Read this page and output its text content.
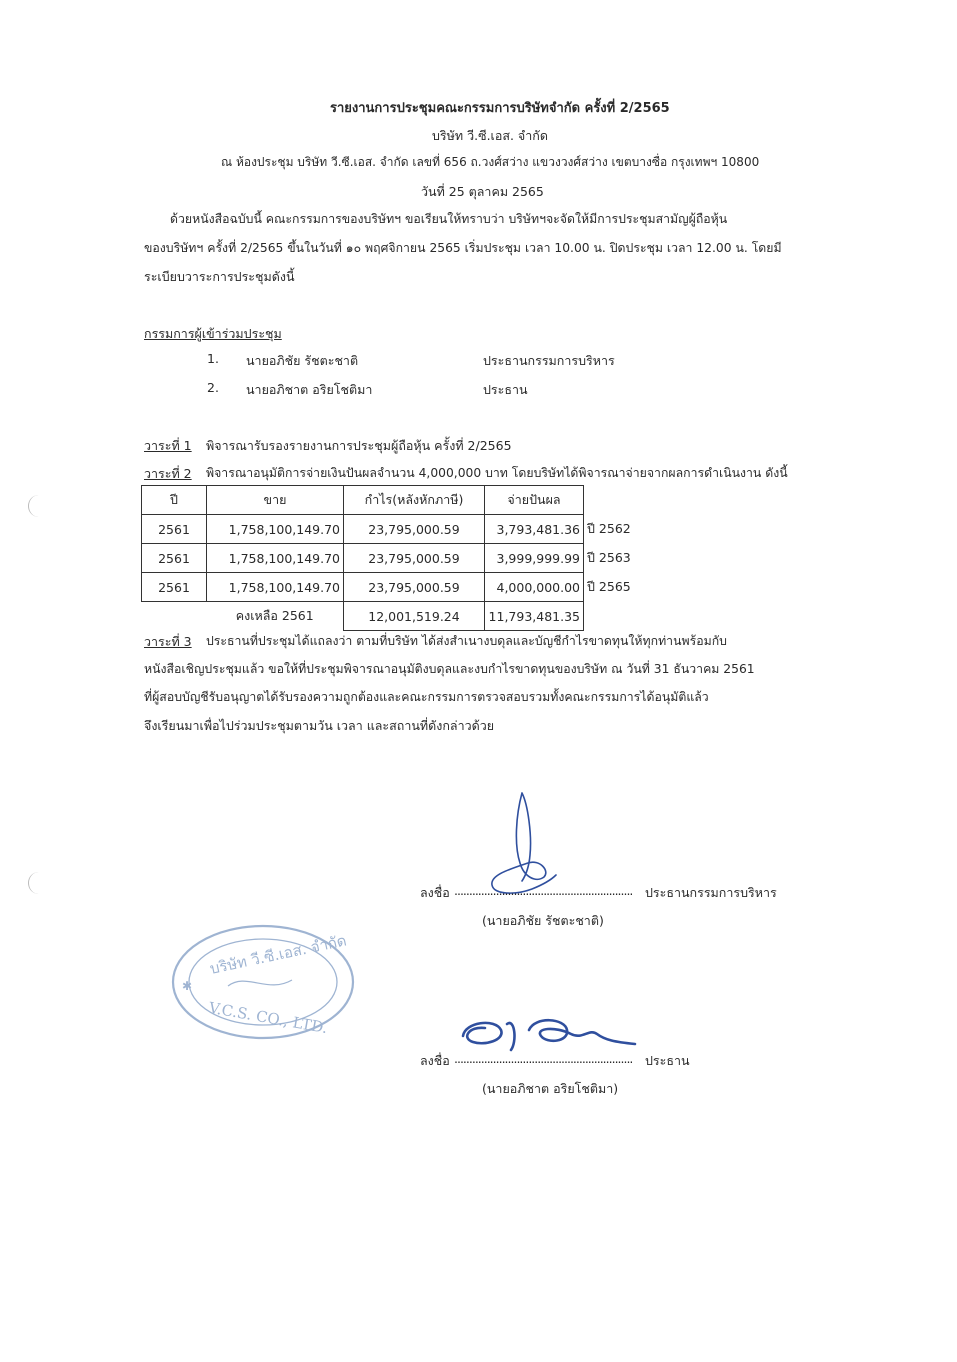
รายงานการประชุมคณะกรรมการบริษัทจำกัด ครั้งที่ 2/2565
บริษัท วี.ซี.เอส. จำกัด
ณ ห้องประชุม บริษัท วี.ซี.เอส. จำกัด เลขที่ 656 ถ.วงศ์สว่าง แขวงวงศ์สว่าง เขตบางซื่อ กรุงเทพฯ 10800
วันที่ 25 ตุลาคม 2565
ด้วยหนังสือฉบับนี้ คณะกรรมการของบริษัทฯ ขอเรียนให้ทราบว่า บริษัทฯจะจัดให้มีการประชุมสามัญผู้ถือหุ้น
ของบริษัทฯ ครั้งที่ 2/2565 ขึ้นในวันที่ ๑๐ พฤศจิกายน 2565 เริ่มประชุม เวลา 10.00 น. ปิดประชุม เวลา 12.00 น. โดยมี
ระเบียบวาระการประชุมดังนี้
กรรมการผู้เข้าร่วมประชุม
1. นายอภิชัย รัชตะชาติ	ประธานกรรมการบริหาร
2. นายอภิชาต อริยโชติมา	ประธาน
วาระที่ 1 พิจารณารับรองรายงานการประชุมผู้ถือหุ้น ครั้งที่ 2/2565
วาระที่ 2 พิจารณาอนุมัติการจ่ายเงินปันผลจำนวน 4,000,000 บาท โดยบริษัทได้พิจารณาจ่ายจากผลการดำเนินงาน ดังนี้
ปี	ขาย	กำไร(หลังหักภาษี)	จ่ายปันผล	
2561	1,758,100,149.70	23,795,000.59	3,793,481.36	ปี 2562
2561	1,758,100,149.70	23,795,000.59	3,999,999.99	ปี 2563
2561	1,758,100,149.70	23,795,000.59	4,000,000.00	ปี 2565
	คงเหลือ 2561	12,001,519.24	11,793,481.35	
วาระที่ 3 ประธานที่ประชุมได้แถลงว่า ตามที่บริษัท ได้ส่งสำเนางบดุลและบัญชีกำไรขาดทุนให้ทุกท่านพร้อมกับ
หนังสือเชิญประชุมแล้ว ขอให้ที่ประชุมพิจารณาอนุมัติงบดุลและงบกำไรขาดทุนของบริษัท ณ วันที่ 31 ธันวาคม 2561
ที่ผู้สอบบัญชีรับอนุญาตได้รับรองความถูกต้องและคณะกรรมการตรวจสอบรวมทั้งคณะกรรมการได้อนุมัติแล้ว
จึงเรียนมาเพื่อไปร่วมประชุมตามวัน เวลา และสถานที่ดังกล่าวด้วย
ลงชื่อ ............................................................ ประธานกรรมการบริหาร
(นายอภิชัย รัชตะชาติ)
บริษัท วี.ซี.เอส. จำกัด
V.C.S. CO., LTD.
✱
ลงชื่อ ............................................................ ประธาน
(นายอภิชาต อริยโชติมา)
